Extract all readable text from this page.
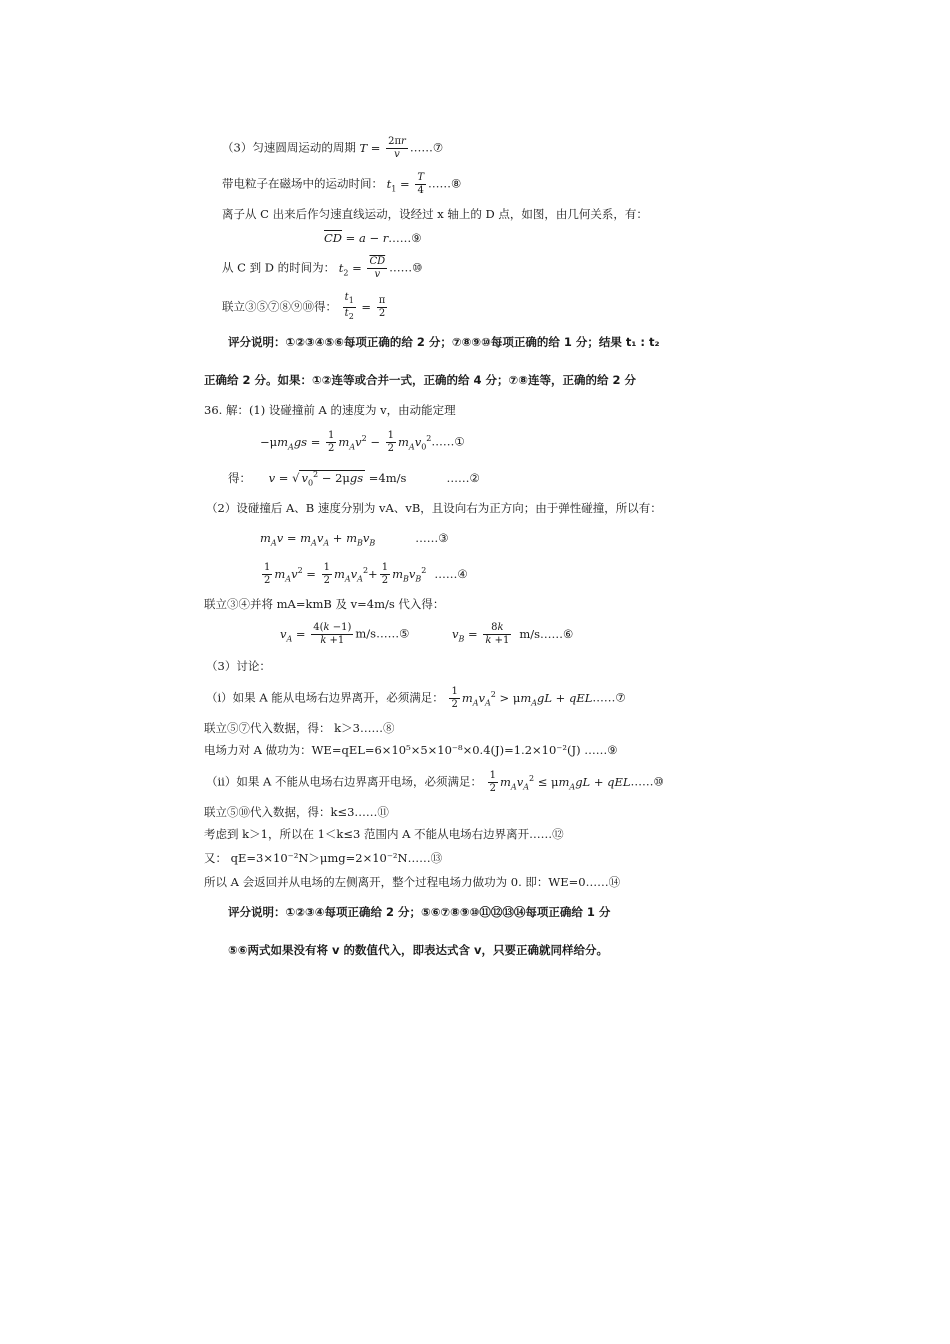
（3）匀速圆周运动的周期 $T = \frac{2\pi r}{v}$ ……⑦
带电粒子在磁场中的运动时间： $t_1 = \frac{T}{4}$ ……⑧
离子从 C 出来后作匀速直线运动，设经过 x 轴上的 D 点，如图，由几何关系，有：
$\overline{CD} = a$ − r……⑨
从 C 到 D 的时间为： $t_2 = \frac{\overline{CD}}{v}$ ……⑩
联立③⑤⑦⑧⑨⑩得： $\frac{t_1}{t_2} = \frac{\pi}{2}$
评分说明：①②③④⑤⑥每项正确的给 2 分；⑦⑧⑨⑩每项正确的给 1 分；结果 t₁ : t₂
正确给 2 分。如果：①②连等或合并一式，正确的给 4 分；⑦⑧连等，正确的给 2 分
36. 解：(1) 设碰撞前 A 的速度为 v，由动能定理
$-\mu m_Ags = \frac{1}{2} m_Av^2 - \frac{1}{2}$ $m_Av_0^2\dots\dots ①$
得： v = √ $v_0^2 - 2\mu gs =4m/s$	……②
（2）设碰撞后 A、B 速度分别为 vA、vB，且设向右为正方向；由于弹性碰撞，所以有：
$m_Av = m_Av_A + m_Bv_B$	……③
$\frac{1}{2} m_Av^2 = \frac{1}{2} m_Av_A^2+ \frac{1}{2} m_Bv_B^2$ ……④
联立③④并将 mA=kmB 及 v=4m/s 代入得：
$v_A = \frac{4(k -1)}{k +1}$ m/s……⑤	$v_B = \frac{8k}{k +1}$ m/s……⑥
（3）讨论：
（i）如果 A 能从电场右边界离开，必须满足： $\frac{1}{2} m_Av_A^2 > \mu m_AgL$ + qEL……⑦
联立⑤⑦代入数据，得： k＞3……⑧
电场力对 A 做功为：WE=qEL=6×10⁵×5×10⁻⁸×0.4(J)=1.2×10⁻²(J) ……⑨
（ii）如果 A 不能从电场右边界离开电场，必须满足： $\frac{1}{2} m_Av_A^2 \le \mu m_AgL$ + qEL……⑩
联立⑤⑩代入数据，得：k≤3……⑪
考虑到 k＞1，所以在 1＜k≤3 范围内 A 不能从电场右边界离开……⑫
又： qE=3×10⁻²N＞μmg=2×10⁻²N……⑬
所以 A 会返回并从电场的左侧离开，整个过程电场力做功为 0. 即：WE=0……⑭
评分说明：①②③④每项正确给 2 分；⑤⑥⑦⑧⑨⑩⑪⑫⑬⑭每项正确给 1 分
⑤⑥两式如果没有将 v 的数值代入，即表达式含 v，只要正确就同样给分。
